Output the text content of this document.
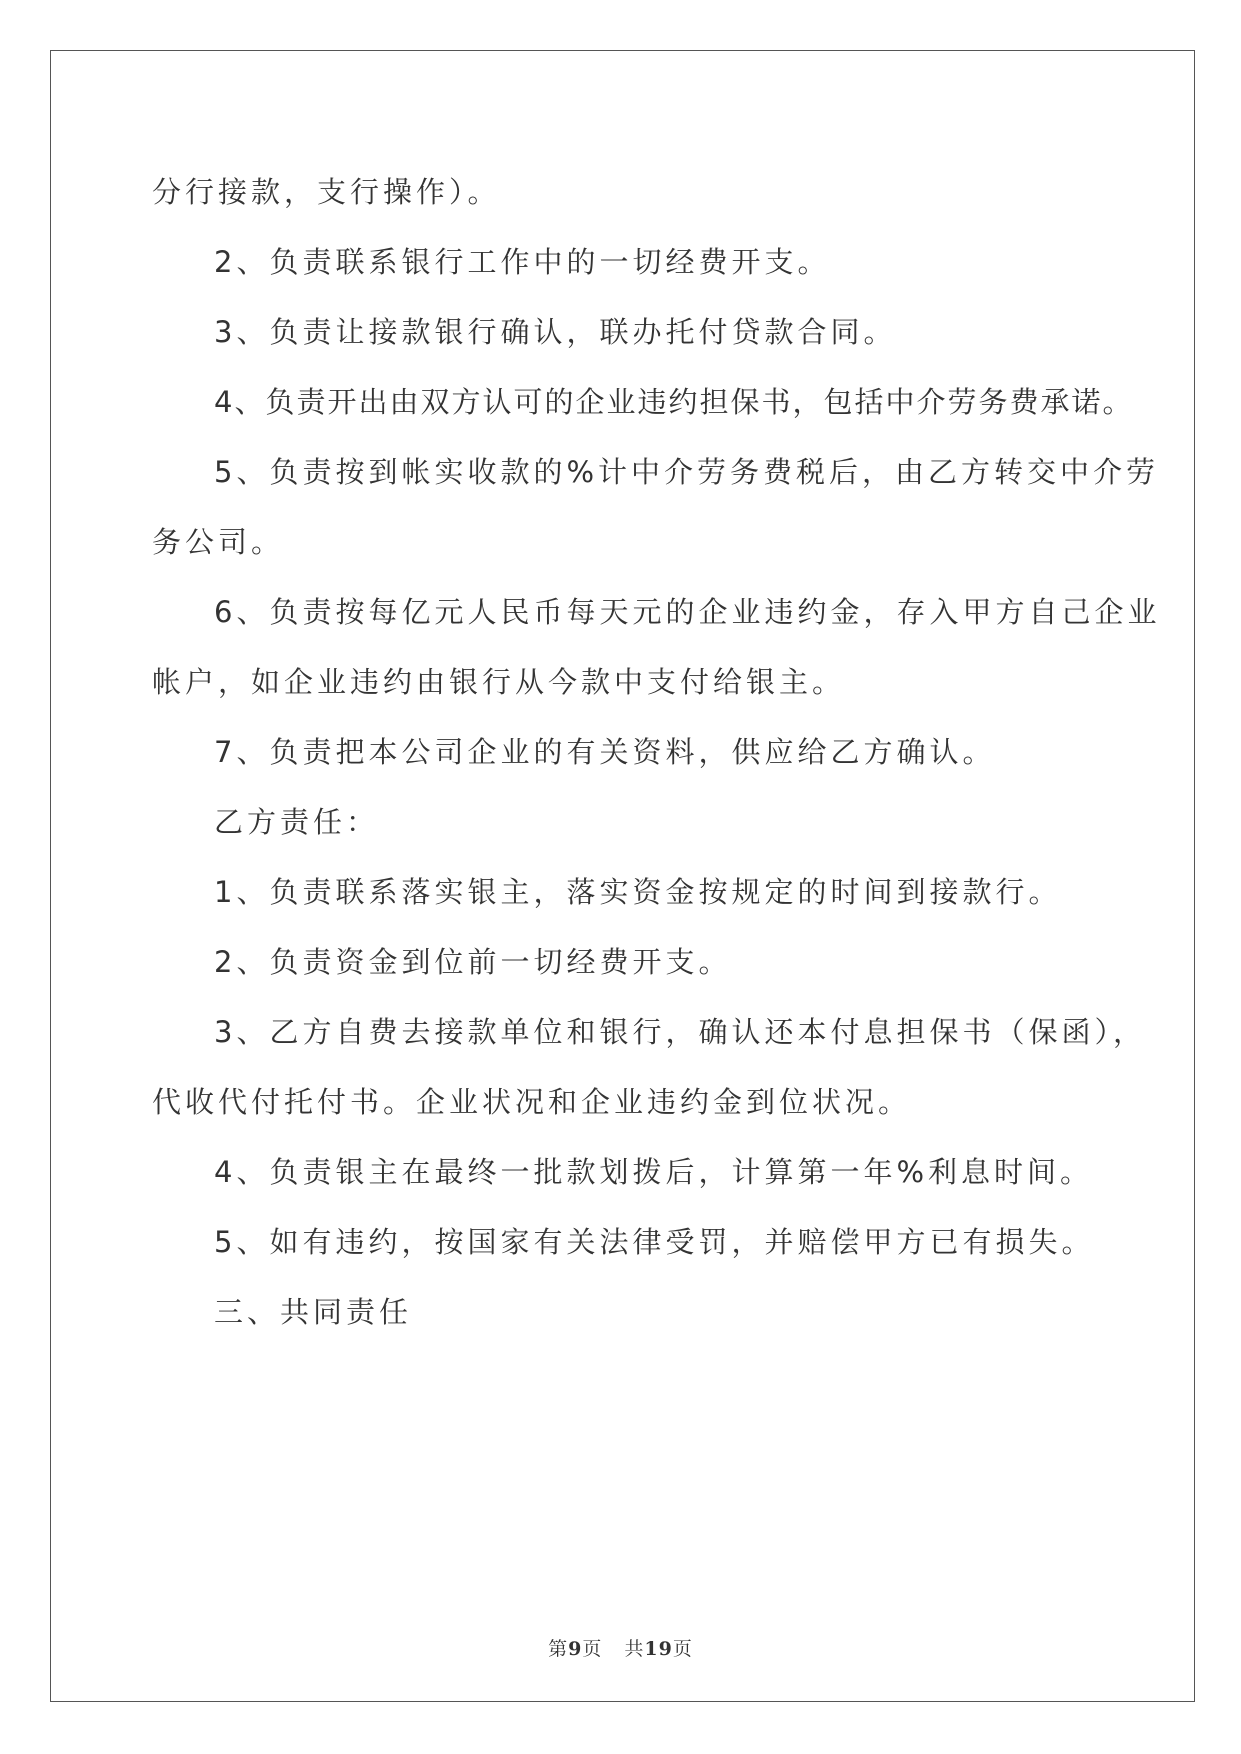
分行接款，支行操作）。

2、负责联系银行工作中的一切经费开支。

3、负责让接款银行确认，联办托付贷款合同。

4、负责开出由双方认可的企业违约担保书，包括中介劳务费承诺。

5、负责按到帐实收款的%计中介劳务费税后，由乙方转交中介劳

务公司。

6、负责按每亿元人民币每天元的企业违约金，存入甲方自己企业

帐户，如企业违约由银行从今款中支付给银主。

7、负责把本公司企业的有关资料，供应给乙方确认。

乙方责任：

1、负责联系落实银主，落实资金按规定的时间到接款行。

2、负责资金到位前一切经费开支。

3、乙方自费去接款单位和银行，确认还本付息担保书（保函），

代收代付托付书。企业状况和企业违约金到位状况。

4、负责银主在最终一批款划拨后，计算第一年%利息时间。

5、如有违约，按国家有关法律受罚，并赔偿甲方已有损失。

三、共同责任

第9页 共19页
